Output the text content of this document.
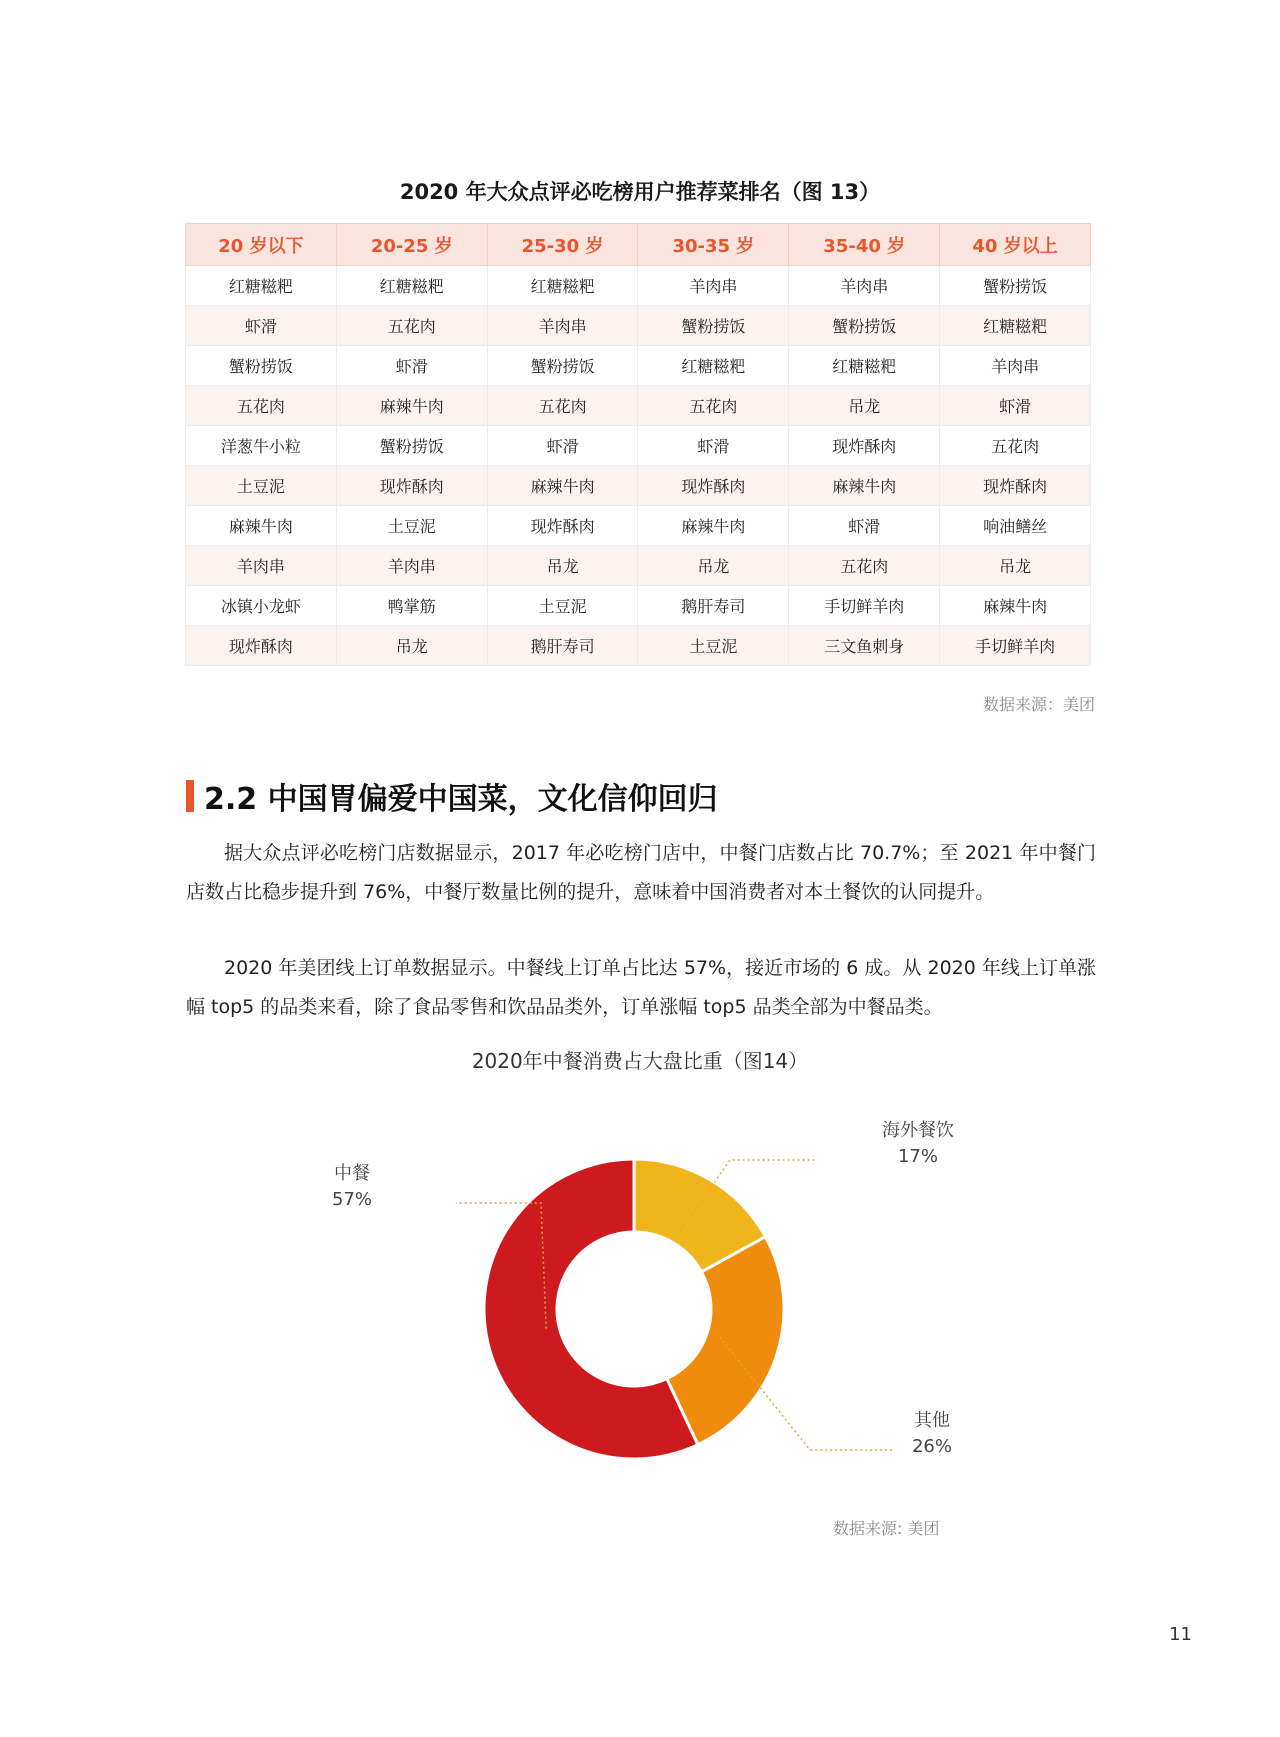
2020 年大众点评必吃榜用户推荐菜排名（图 13）
20 岁以下	20-25 岁	25-30 岁	30-35 岁	35-40 岁	40 岁以上
红糖糍粑	红糖糍粑	红糖糍粑	羊肉串	羊肉串	蟹粉捞饭
虾滑	五花肉	羊肉串	蟹粉捞饭	蟹粉捞饭	红糖糍粑
蟹粉捞饭	虾滑	蟹粉捞饭	红糖糍粑	红糖糍粑	羊肉串
五花肉	麻辣牛肉	五花肉	五花肉	吊龙	虾滑
洋葱牛小粒	蟹粉捞饭	虾滑	虾滑	现炸酥肉	五花肉
土豆泥	现炸酥肉	麻辣牛肉	现炸酥肉	麻辣牛肉	现炸酥肉
麻辣牛肉	土豆泥	现炸酥肉	麻辣牛肉	虾滑	响油鳝丝
羊肉串	羊肉串	吊龙	吊龙	五花肉	吊龙
冰镇小龙虾	鸭掌筋	土豆泥	鹅肝寿司	手切鲜羊肉	麻辣牛肉
现炸酥肉	吊龙	鹅肝寿司	土豆泥	三文鱼刺身	手切鲜羊肉
数据来源：美团
2.2 中国胃偏爱中国菜，文化信仰回归

据大众点评必吃榜门店数据显示，2017 年必吃榜门店中，中餐门店数占比 70.7%；至 2021 年中餐门店数占比稳步提升到 76%，中餐厅数量比例的提升，意味着中国消费者对本土餐饮的认同提升。

2020 年美团线上订单数据显示。中餐线上订单占比达 57%，接近市场的 6 成。从 2020 年线上订单涨幅 top5 的品类来看，除了食品零售和饮品品类外，订单涨幅 top5 品类全部为中餐品类。

2020年中餐消费占大盘比重（图14）
海外餐饮
17%
其他
26%
中餐
57%
数据来源: 美团
11
